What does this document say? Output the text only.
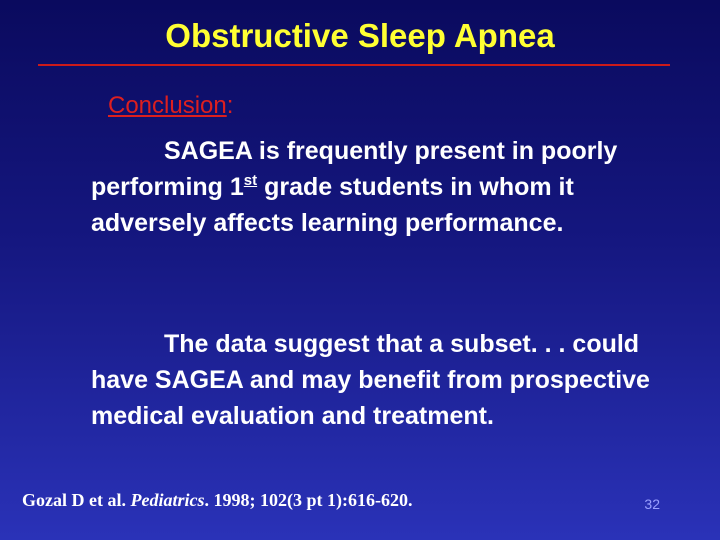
Obstructive Sleep Apnea

Conclusion:

SAGEA is frequently present in poorly performing 1st grade students in whom it adversely affects learning performance.

The data suggest that a subset. . . could have SAGEA and may benefit from prospective medical evaluation and treatment.

Gozal D et al. Pediatrics. 1998; 102(3 pt 1):616-620.	32
